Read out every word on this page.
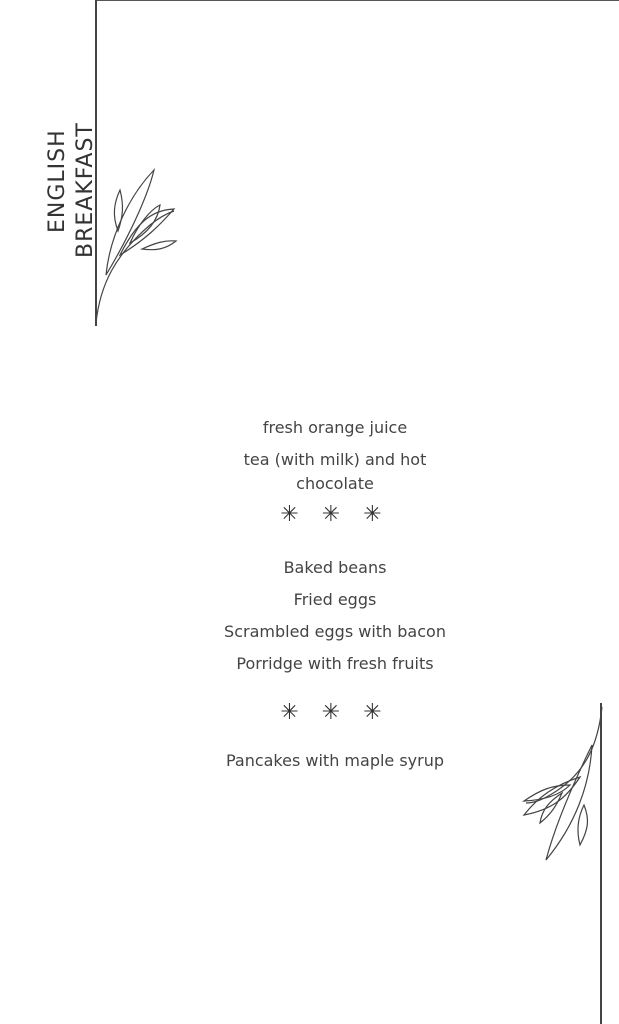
ENGLISH BREAKFAST
fresh orange juice
tea (with milk) and hot chocolate
✳ ✳ ✳
Baked beans
Fried eggs
Scrambled eggs with bacon
Porridge with fresh fruits
✳ ✳ ✳
Pancakes with maple syrup
